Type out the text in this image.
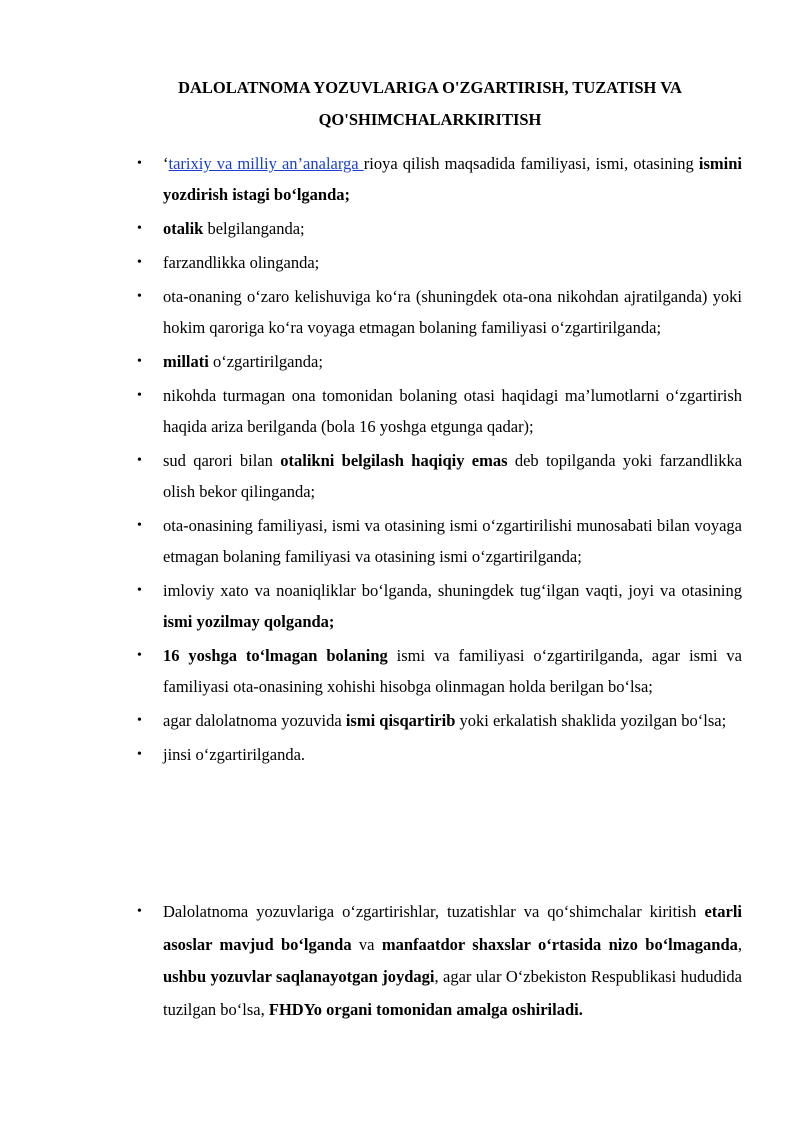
DALOLATNOMA YOZUVLARIGA O'ZGARTIRISH, TUZATISH VA
QO'SHIMCHALARKIRITISH
• ‘tarixiy va milliy an’analarga rioya qilish maqsadida familiyasi, ismi, otasining ismini yozdirish istagi bo‘lganda;
• otalik belgilanganda;
• farzandlikka olinganda;
• ota-onaning o‘zaro kelishuviga ko‘ra (shuningdek ota-ona nikohdan ajratilganda) yoki hokim qaroriga ko‘ra voyaga etmagan bolaning familiyasi o‘zgartirilganda;
• millati o‘zgartirilganda;
• nikohda turmagan ona tomonidan bolaning otasi haqidagi ma’lumotlarni o‘zgartirish haqida ariza berilganda (bola 16 yoshga etgunga qadar);
• sud qarori bilan otalikni belgilash haqiqiy emas deb topilganda yoki farzandlikka olish bekor qilinganda;
• ota-onasining familiyasi, ismi va otasining ismi o‘zgartirilishi munosabati bilan voyaga etmagan bolaning familiyasi va otasining ismi o‘zgartirilganda;
• imloviy xato va noaniqliklar bo‘lganda, shuningdek tug‘ilgan vaqti, joyi va otasining ismi yozilmay qolganda;
• 16 yoshga to‘lmagan bolaning ismi va familiyasi o‘zgartirilganda, agar ismi va familiyasi ota-onasining xohishi hisobga olinmagan holda berilgan bo‘lsa;
• agar dalolatnoma yozuvida ismi qisqartirib yoki erkalatish shaklida yozilgan bo‘lsa;
• jinsi o‘zgartirilganda.
• Dalolatnoma yozuvlariga o‘zgartirishlar, tuzatishlar va qo‘shimchalar kiritish etarli asoslar mavjud bo‘lganda va manfaatdor shaxslar o‘rtasida nizo bo‘lmaganda, ushbu yozuvlar saqlanayotgan joydagi, agar ular O‘zbekiston Respublikasi hududida tuzilgan bo‘lsa, FHDYo organi tomonidan amalga oshiriladi.
